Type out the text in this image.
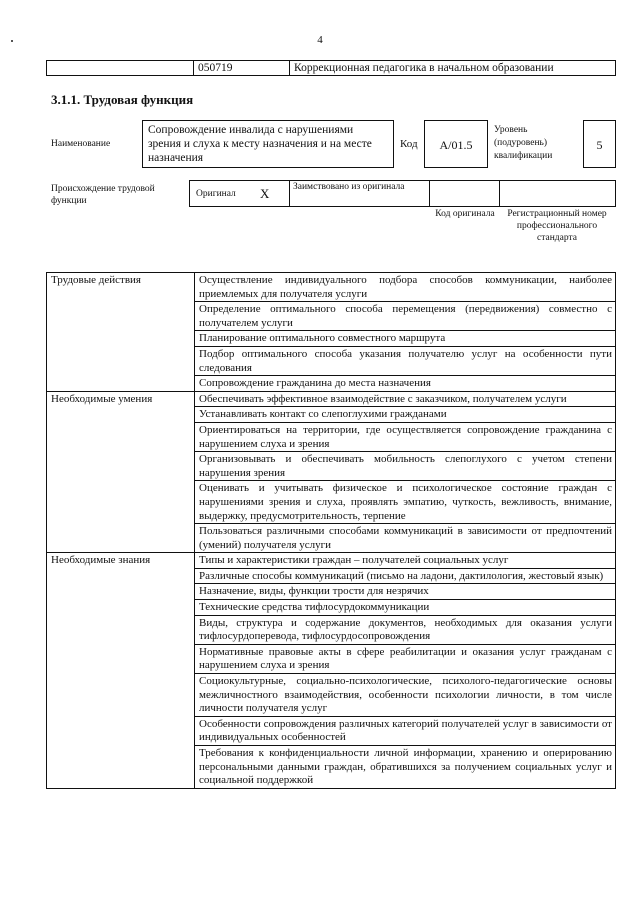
4
050719	Коррекционная педагогика в начальном образовании
3.1.1. Трудовая функция
Наименование
Сопровождение инвалида с нарушениями зрения и слуха к месту назначения и на месте назначения
Код	A/01.5
Уровень (подуровень) квалификации
5
Происхождение трудовой функции
Оригинал X Заимствовано из оригинала
Код оригинала	Регистрационный номер профессионального стандарта
Трудовые действия	Осуществление индивидуального подбора способов коммуникации, наиболее приемлемых для получателя услуги
	Определение оптимального способа перемещения (передвижения) совместно с получателем услуги
	Планирование оптимального совместного маршрута
	Подбор оптимального способа указания получателю услуг на особенности пути следования
	Сопровождение гражданина до места назначения
Необходимые умения	Обеспечивать эффективное взаимодействие с заказчиком, получателем услуги
	Устанавливать контакт со слепоглухими гражданами
	Ориентироваться на территории, где осуществляется сопровождение гражданина с нарушением слуха и зрения
	Организовывать и обеспечивать мобильность слепоглухого с учетом степени нарушения зрения
	Оценивать и учитывать физическое и психологическое состояние граждан с нарушениями зрения и слуха, проявлять эмпатию, чуткость, вежливость, внимание, выдержку, предусмотрительность, терпение
	Пользоваться различными способами коммуникаций в зависимости от предпочтений (умений) получателя услуги
Необходимые знания	Типы и характеристики граждан – получателей социальных услуг
	Различные способы коммуникаций (письмо на ладони, дактилология, жестовый язык)
	Назначение, виды, функции трости для незрячих
	Технические средства тифлосурдокоммуникации
	Виды, структура и содержание документов, необходимых для оказания услуги тифлосурдоперевода, тифлосурдосопровождения
	Нормативные правовые акты в сфере реабилитации и оказания услуг гражданам с нарушением слуха и зрения
	Социокультурные, социально-психологические, психолого-педагогические основы межличностного взаимодействия, особенности психологии личности, в том числе личности получателя услуг
	Особенности сопровождения различных категорий получателей услуг в зависимости от индивидуальных особенностей
	Требования к конфиденциальности личной информации, хранению и оперированию персональными данными граждан, обратившихся за получением социальных услуг и социальной поддержкой
